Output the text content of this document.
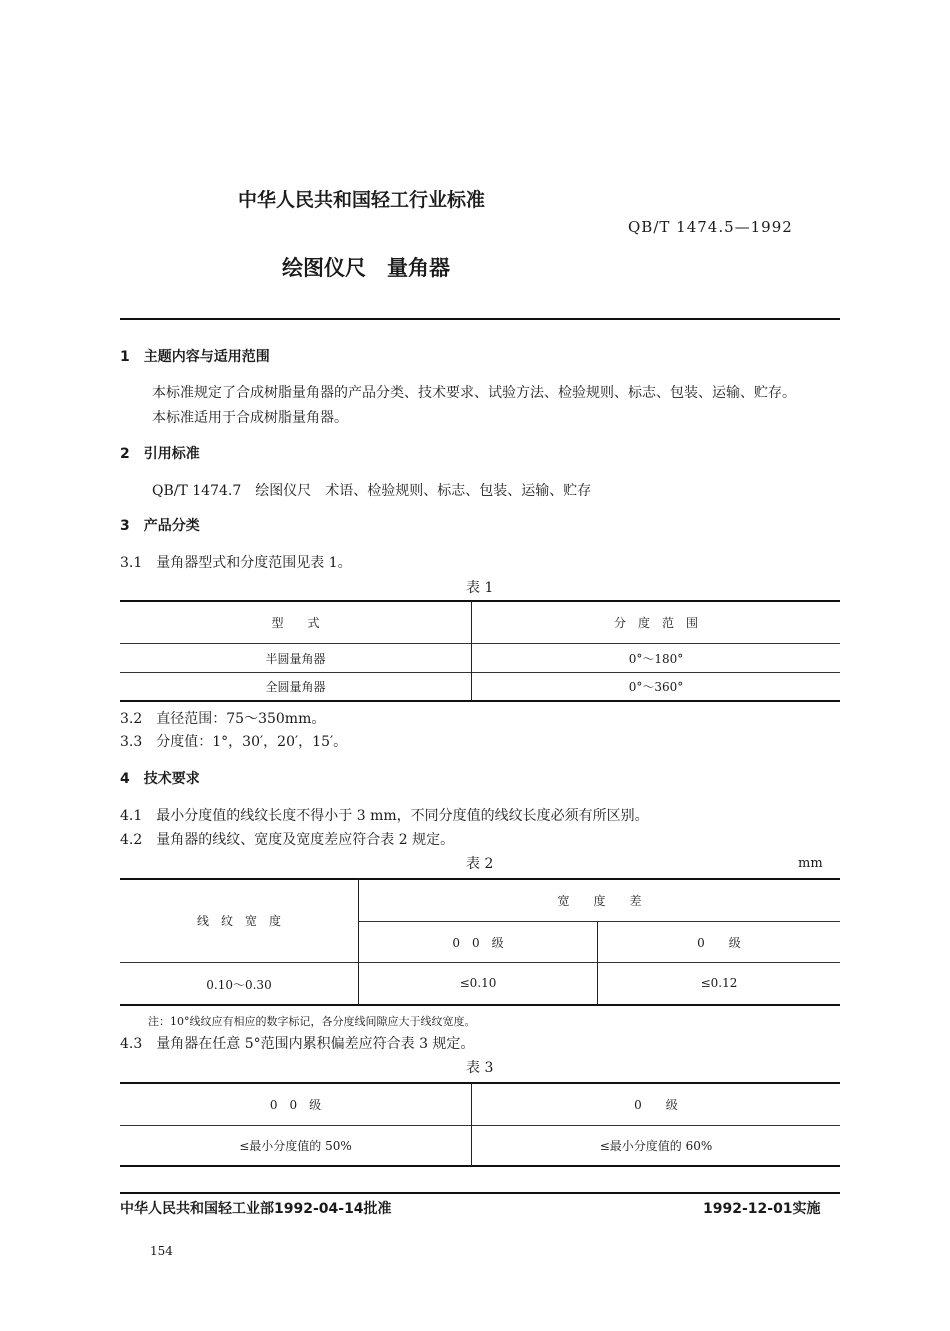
中华人民共和国轻工行业标准
QB/T 1474.5—1992
绘图仪尺　量角器
1　主题内容与适用范围
本标准规定了合成树脂量角器的产品分类、技术要求、试验方法、检验规则、标志、包装、运输、贮存。
本标准适用于合成树脂量角器。
2　引用标准
QB/T 1474.7　绘图仪尺　术语、检验规则、标志、包装、运输、贮存
3　产品分类
3.1　量角器型式和分度范围见表 1。
表 1
型　　式	分　度　范　围
半圆量角器	0°～180°
全圆量角器	0°～360°
3.2　直径范围：75～350mm。
3.3　分度值：1°，30′，20′，15′。
4　技术要求
4.1　最小分度值的线纹长度不得小于 3 mm，不同分度值的线纹长度必须有所区别。
4.2　量角器的线纹、宽度及宽度差应符合表 2 规定。
表 2	mm
线　纹　宽　度
宽　　度　　差
0　0　级	0　　级
0.10～0.30	≤0.10	≤0.12
注：10°线纹应有相应的数字标记，各分度线间隙应大于线纹宽度。
4.3　量角器在任意 5°范围内累积偏差应符合表 3 规定。
表 3
0　0　级	0　　级
≤最小分度值的 50%	≤最小分度值的 60%
中华人民共和国轻工业部1992-04-14批准	1992-12-01实施
154
